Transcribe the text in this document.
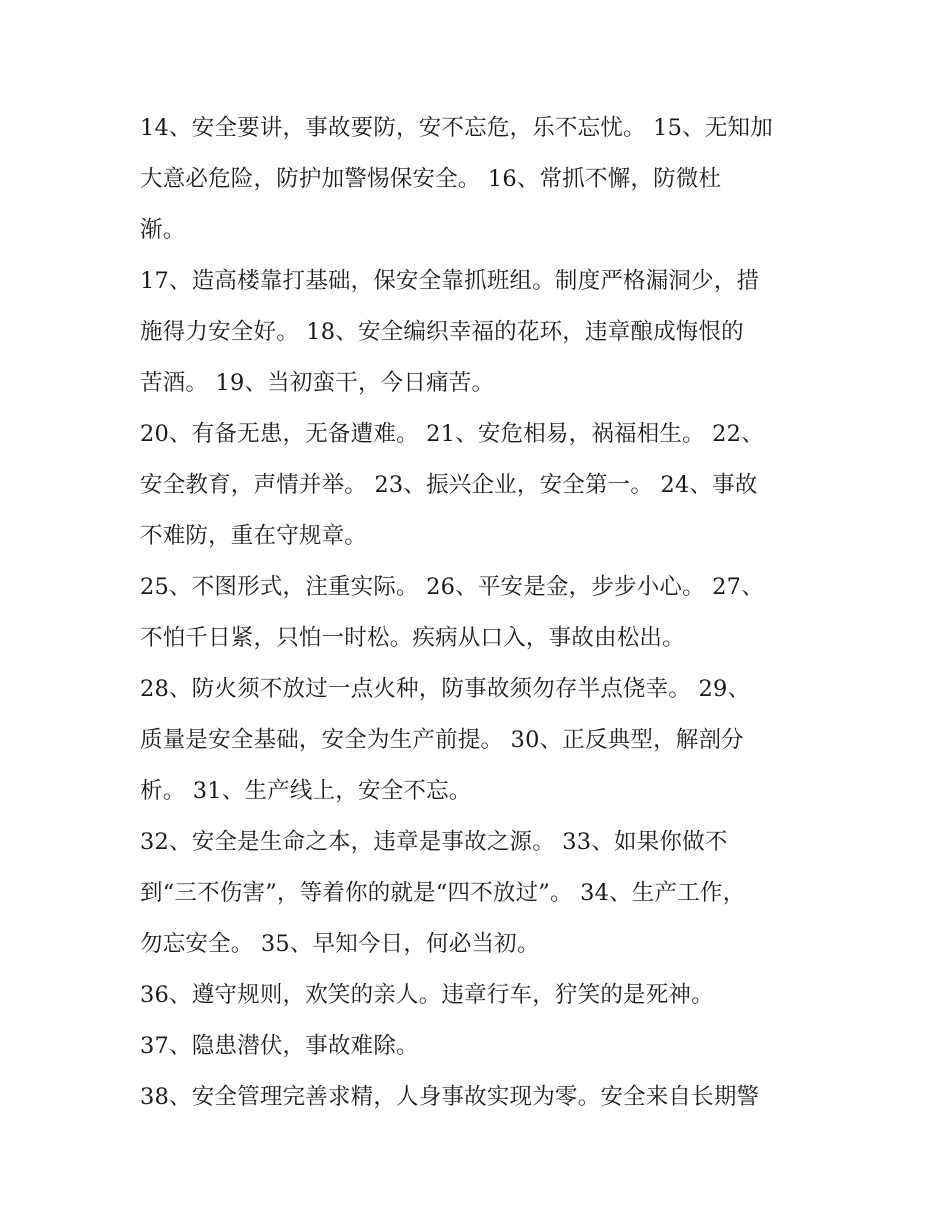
14、安全要讲，事故要防，安不忘危，乐不忘忧。 15、无知加
大意必危险，防护加警惕保安全。 16、常抓不懈，防微杜
渐。
17、造高楼靠打基础，保安全靠抓班组。制度严格漏洞少，措
施得力安全好。 18、安全编织幸福的花环，违章酿成悔恨的
苦酒。 19、当初蛮干，今日痛苦。
20、有备无患，无备遭难。 21、安危相易，祸福相生。 22、
安全教育，声情并举。 23、振兴企业，安全第一。 24、事故
不难防，重在守规章。
25、不图形式，注重实际。 26、平安是金，步步小心。 27、
不怕千日紧，只怕一时松。疾病从口入，事故由松出。
28、防火须不放过一点火种，防事故须勿存半点侥幸。 29、
质量是安全基础，安全为生产前提。 30、正反典型，解剖分
析。 31、生产线上，安全不忘。
32、安全是生命之本，违章是事故之源。 33、如果你做不
到“三不伤害”，等着你的就是“四不放过”。 34、生产工作，
勿忘安全。 35、早知今日，何必当初。
36、遵守规则，欢笑的亲人。违章行车，狞笑的是死神。
37、隐患潜伏，事故难除。
38、安全管理完善求精，人身事故实现为零。安全来自长期警
